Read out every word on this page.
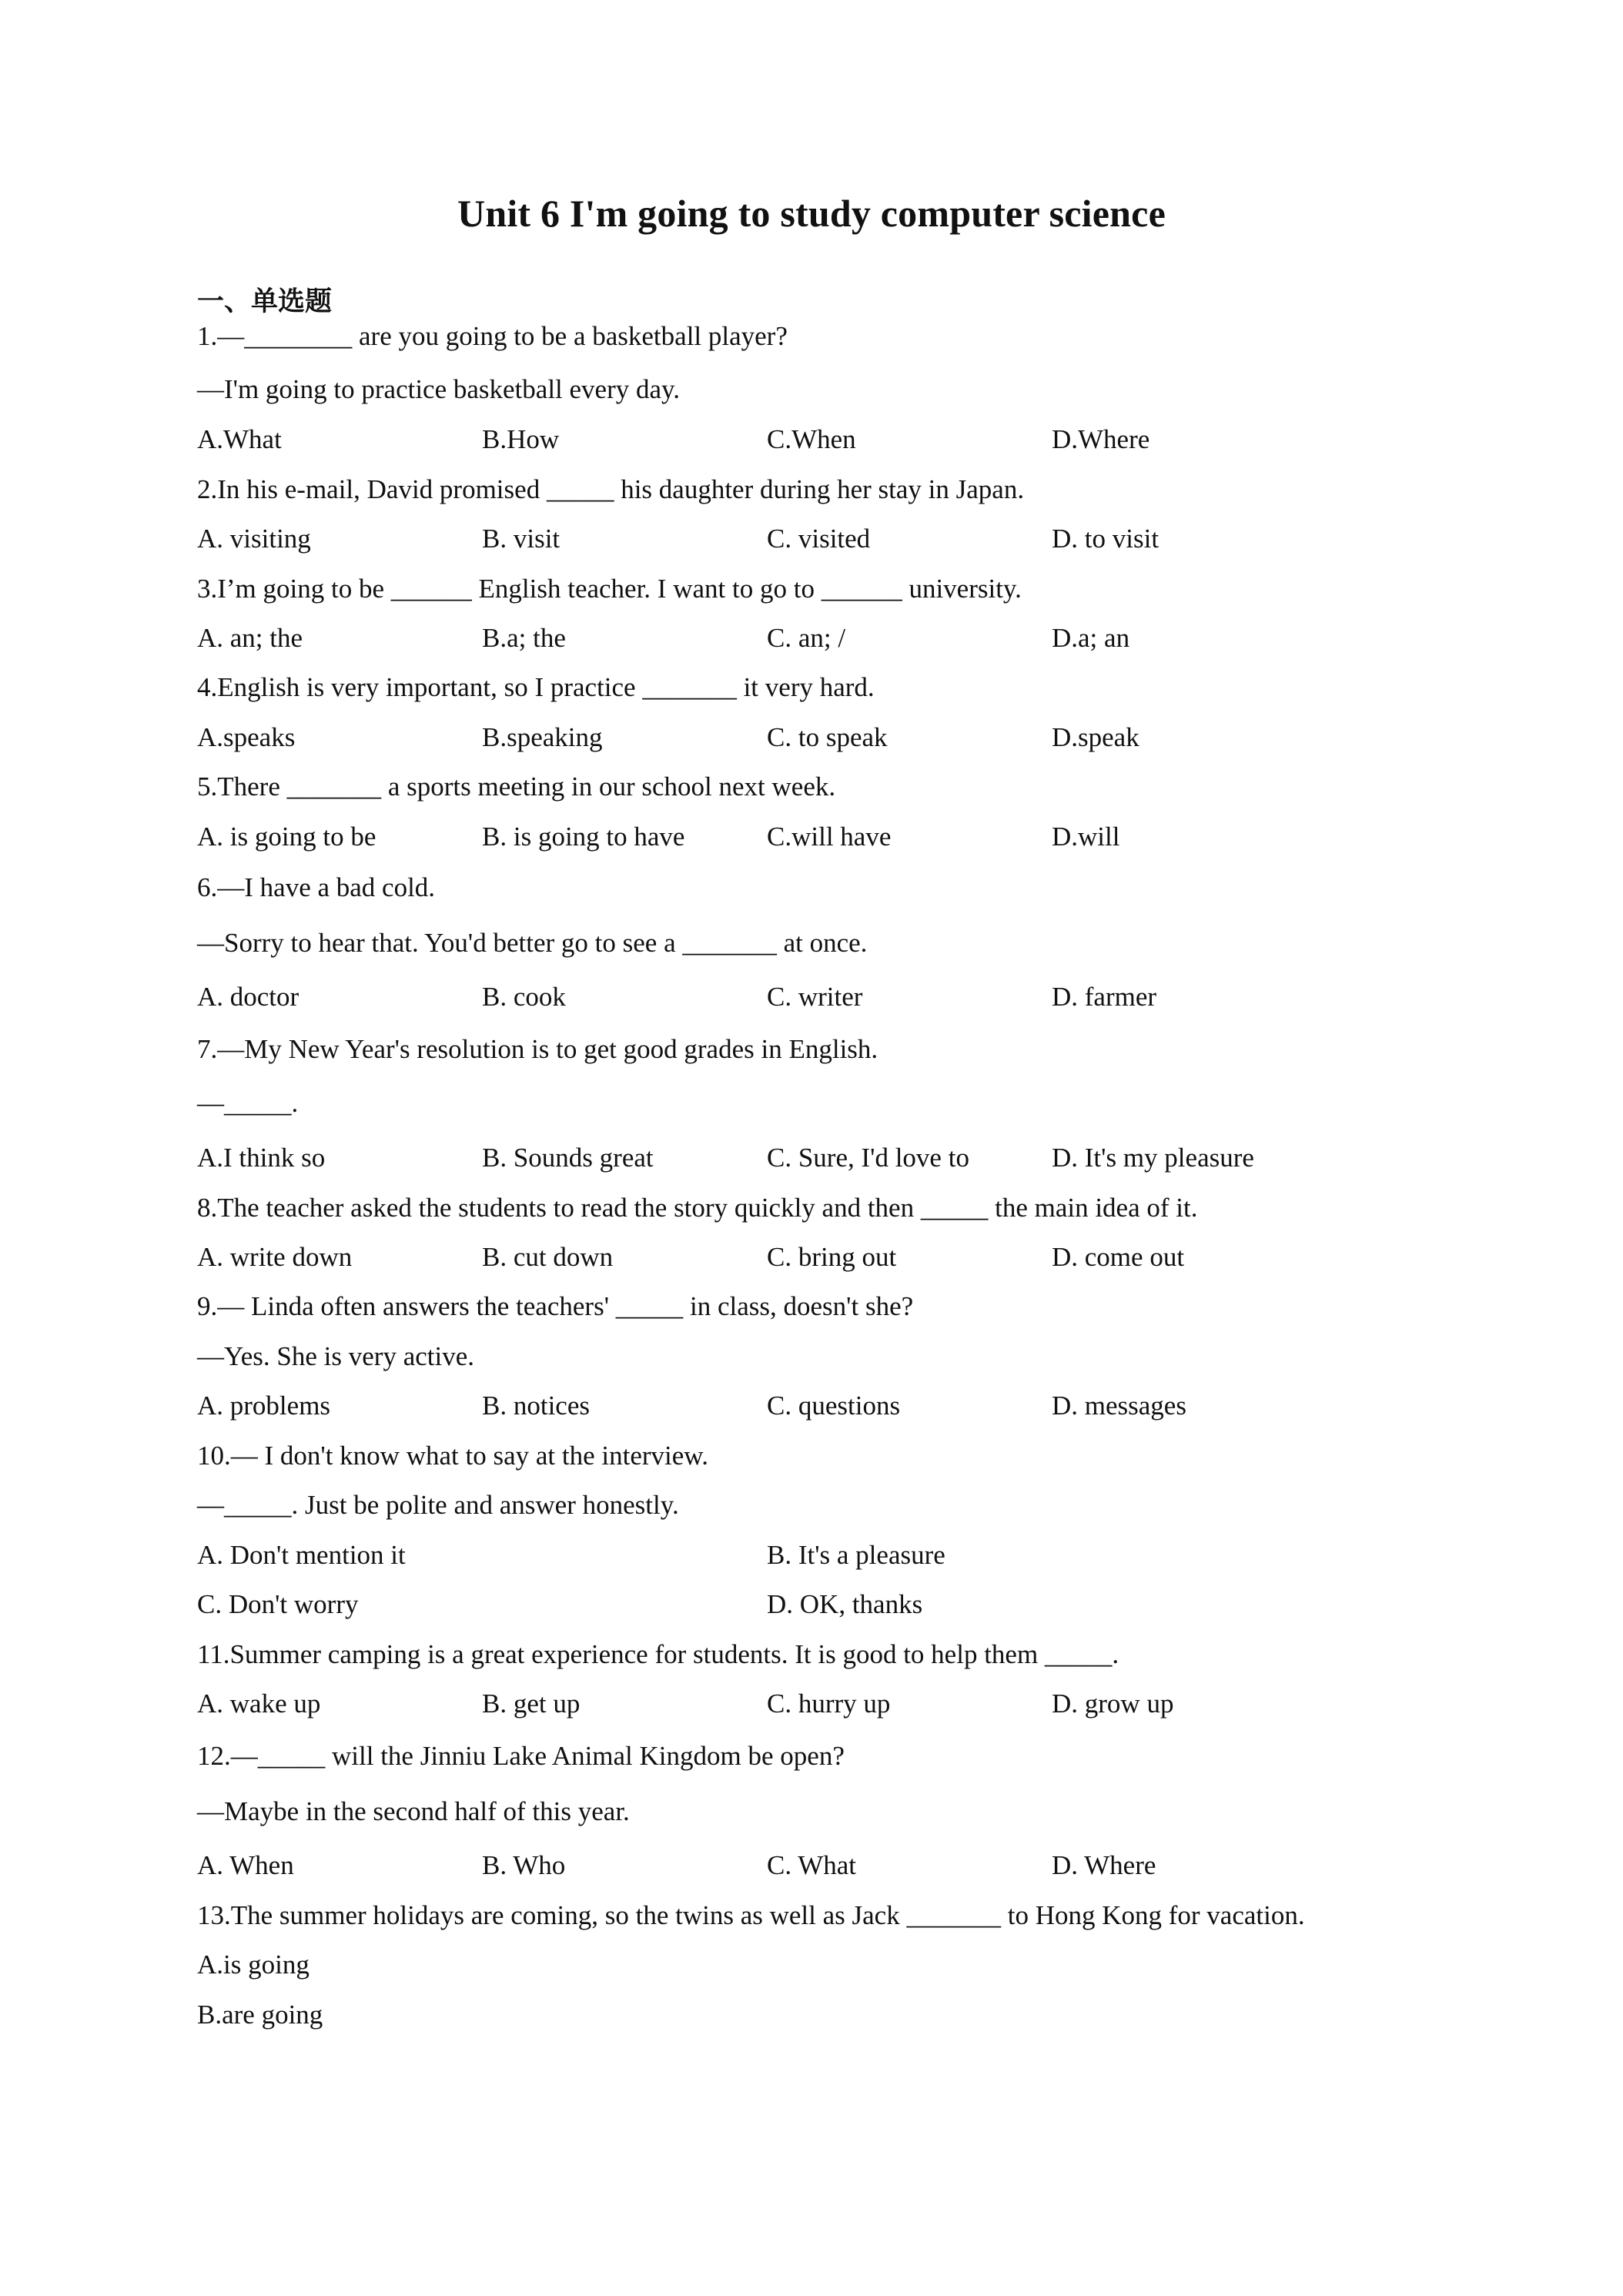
Unit 6 I'm going to study computer science
一、单选题
1.—________ are you going to be a basketball player?
—I'm going to practice basketball every day.
A.What	B.How	C.When	D.Where
2.In his e-mail, David promised _____ his daughter during her stay in Japan.
A. visiting	B. visit	C. visited	D. to visit
3.I’m going to be ______ English teacher. I want to go to ______ university.
A. an; the	B.a; the	C. an; /	D.a; an
4.English is very important, so I practice _______ it very hard.
A.speaks	B.speaking	C. to speak	D.speak
5.There _______ a sports meeting in our school next week.
A. is going to be	B. is going to have	C.will have	D.will
6.—I have a bad cold.
—Sorry to hear that. You'd better go to see a _______ at once.
A. doctor	B. cook	C. writer	D. farmer
7.—My New Year's resolution is to get good grades in English.
—_____.
A.I think so	B. Sounds great	C. Sure, I'd love to	D. It's my pleasure
8.The teacher asked the students to read the story quickly and then _____ the main idea of it.
A. write down	B. cut down	C. bring out	D. come out
9.— Linda often answers the teachers' _____ in class, doesn't she?
—Yes. She is very active.
A. problems	B. notices	C. questions	D. messages
10.— I don't know what to say at the interview.
—_____. Just be polite and answer honestly.
A. Don't mention it	B. It's a pleasure
C. Don't worry	D. OK, thanks
11.Summer camping is a great experience for students. It is good to help them _____.
A. wake up	B. get up	C. hurry up	D. grow up
12.—_____ will the Jinniu Lake Animal Kingdom be open?
—Maybe in the second half of this year.
A. When	B. Who	C. What	D. Where
13.The summer holidays are coming, so the twins as well as Jack _______ to Hong Kong for vacation.
A.is going
B.are going
